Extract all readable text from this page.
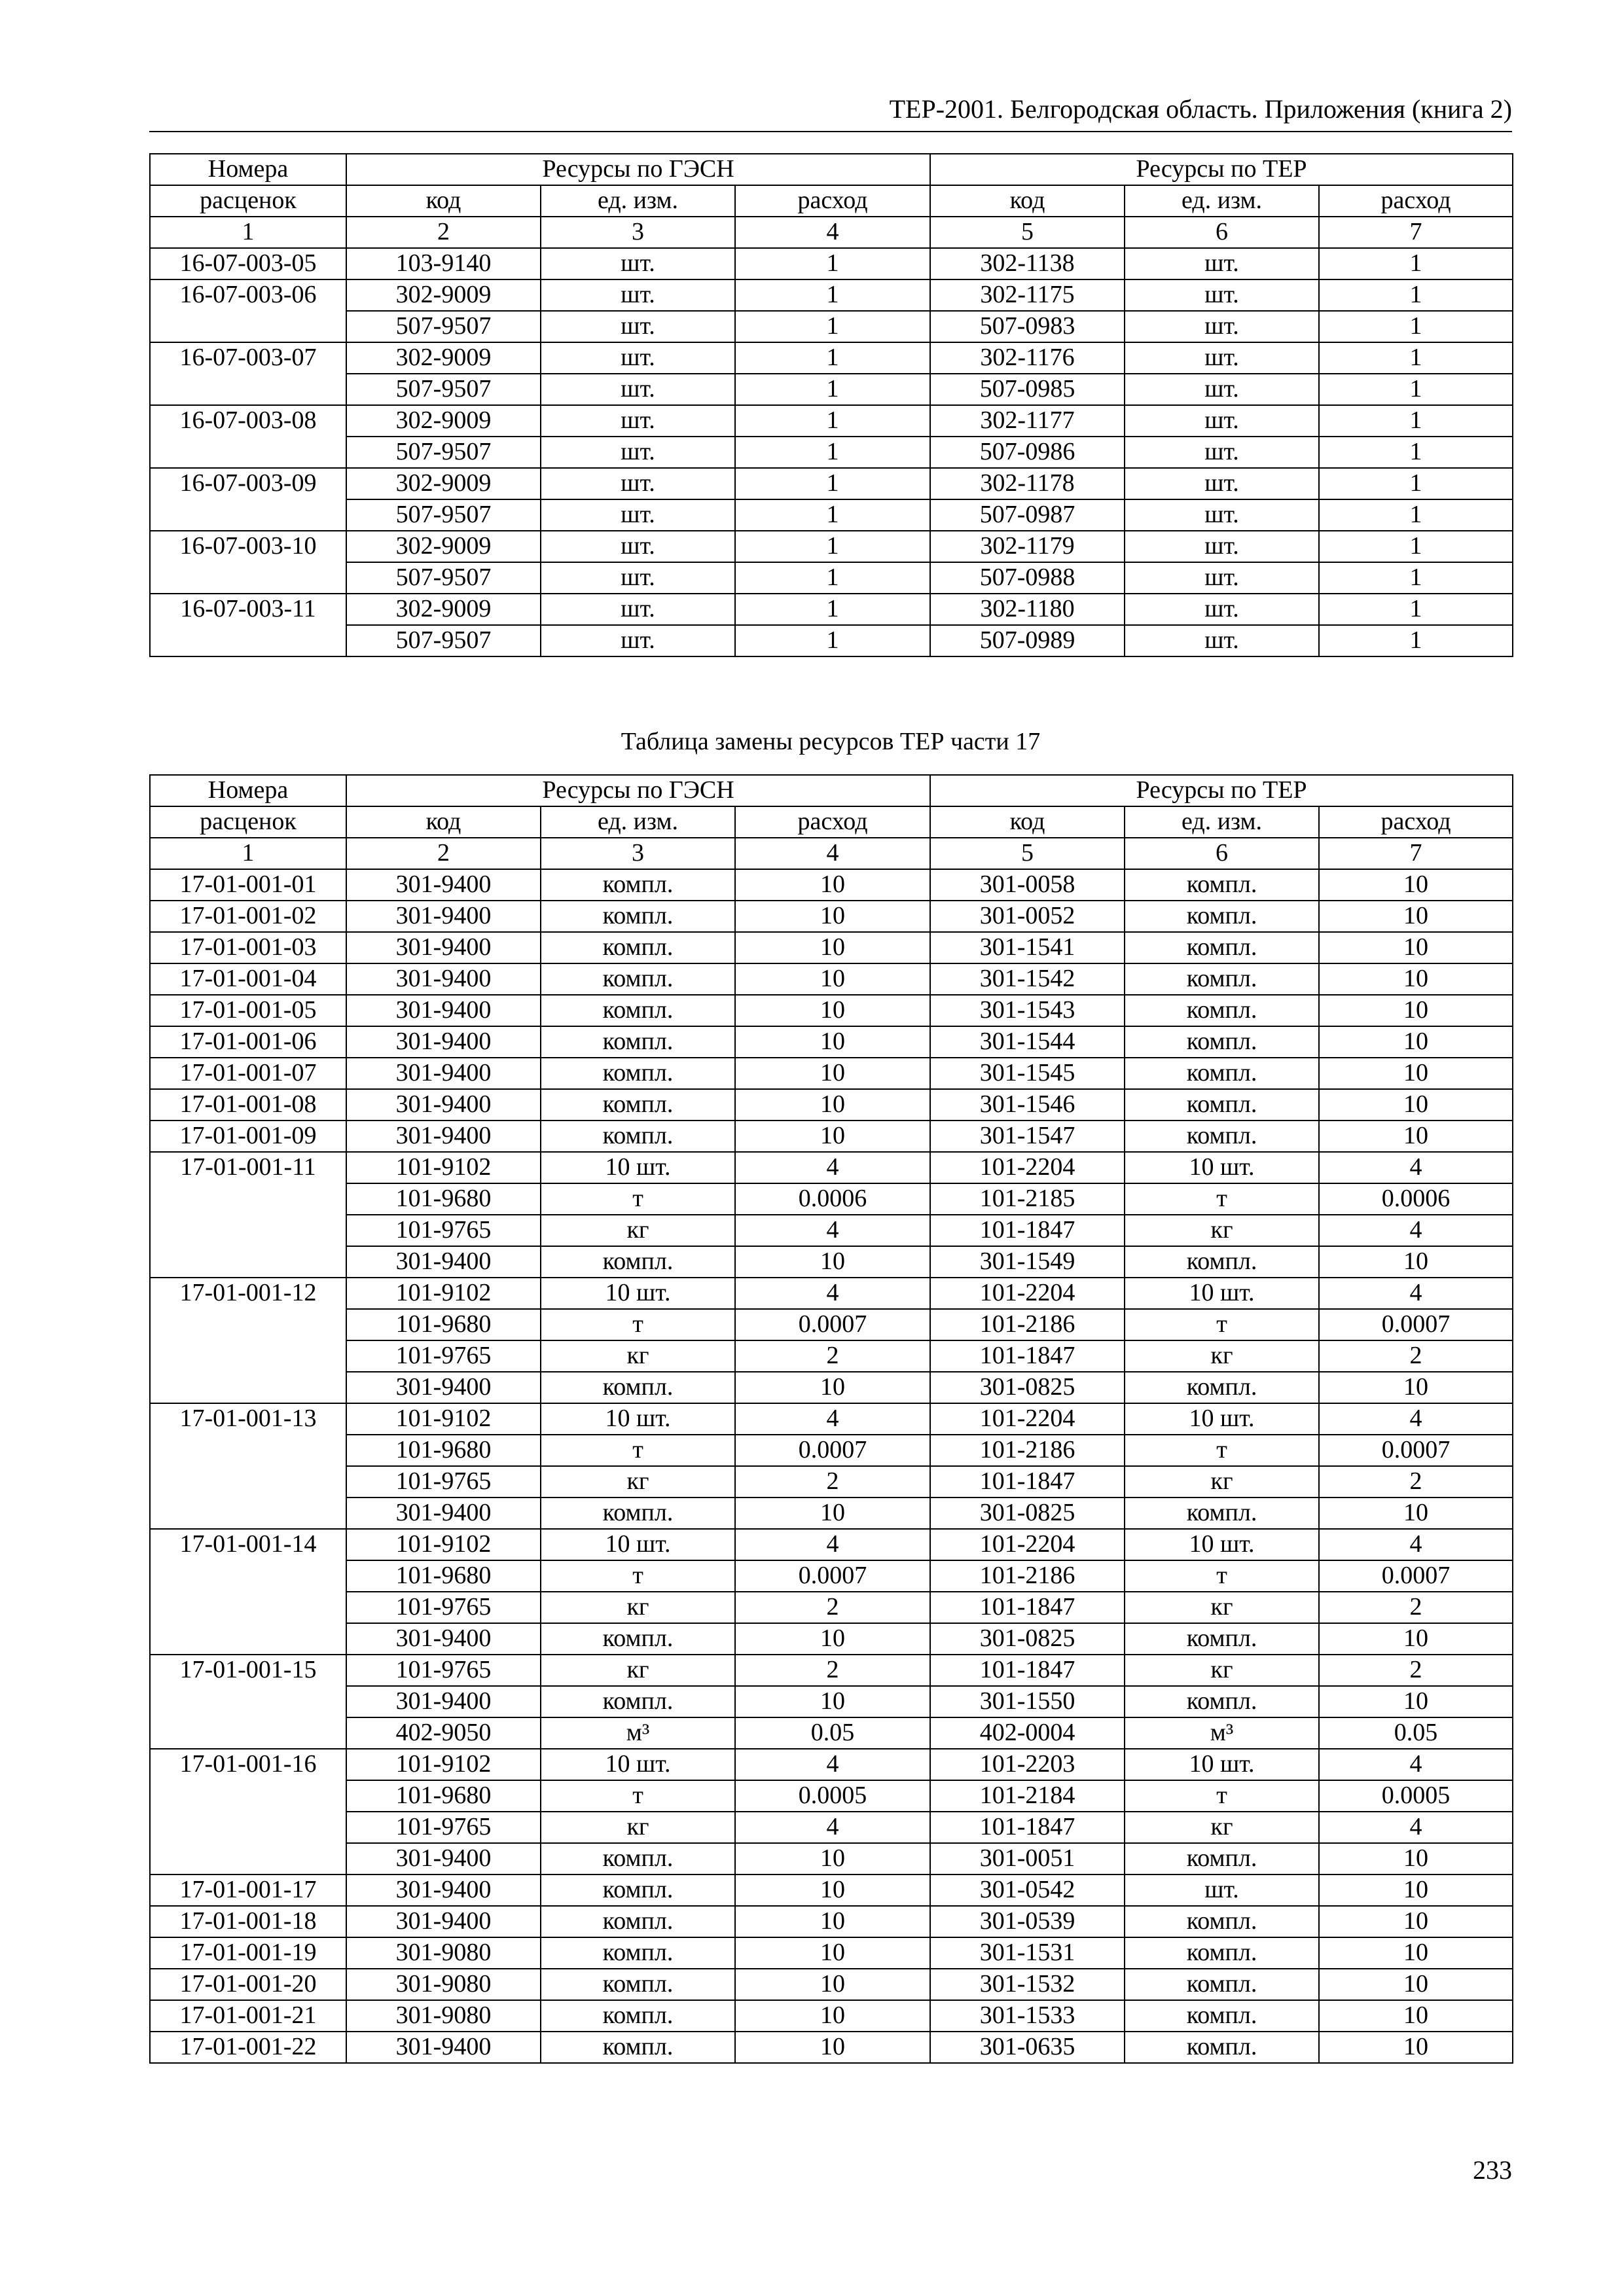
ТЕР-2001. Белгородская область. Приложения (книга 2)
Номера	Ресурсы по ГЭСН			Ресурсы по ТЕР		
расценок	код	ед. изм.	расход	код	ед. изм.	расход
1	2	3	4	5	6	7
16-07-003-05	103-9140	шт.	1	302-1138	шт.	1
16-07-003-06	302-9009	шт.	1	302-1175	шт.	1
	507-9507	шт.	1	507-0983	шт.	1
16-07-003-07	302-9009	шт.	1	302-1176	шт.	1
	507-9507	шт.	1	507-0985	шт.	1
16-07-003-08	302-9009	шт.	1	302-1177	шт.	1
	507-9507	шт.	1	507-0986	шт.	1
16-07-003-09	302-9009	шт.	1	302-1178	шт.	1
	507-9507	шт.	1	507-0987	шт.	1
16-07-003-10	302-9009	шт.	1	302-1179	шт.	1
	507-9507	шт.	1	507-0988	шт.	1
16-07-003-11	302-9009	шт.	1	302-1180	шт.	1
	507-9507	шт.	1	507-0989	шт.	1
Таблица замены ресурсов ТЕР части 17
Номера	Ресурсы по ГЭСН			Ресурсы по ТЕР		
расценок	код	ед. изм.	расход	код	ед. изм.	расход
1	2	3	4	5	6	7
17-01-001-01	301-9400	компл.	10	301-0058	компл.	10
17-01-001-02	301-9400	компл.	10	301-0052	компл.	10
17-01-001-03	301-9400	компл.	10	301-1541	компл.	10
17-01-001-04	301-9400	компл.	10	301-1542	компл.	10
17-01-001-05	301-9400	компл.	10	301-1543	компл.	10
17-01-001-06	301-9400	компл.	10	301-1544	компл.	10
17-01-001-07	301-9400	компл.	10	301-1545	компл.	10
17-01-001-08	301-9400	компл.	10	301-1546	компл.	10
17-01-001-09	301-9400	компл.	10	301-1547	компл.	10
17-01-001-11	101-9102	10 шт.	4	101-2204	10 шт.	4
	101-9680	т	0.0006	101-2185	т	0.0006
	101-9765	кг	4	101-1847	кг	4
	301-9400	компл.	10	301-1549	компл.	10
17-01-001-12	101-9102	10 шт.	4	101-2204	10 шт.	4
	101-9680	т	0.0007	101-2186	т	0.0007
	101-9765	кг	2	101-1847	кг	2
	301-9400	компл.	10	301-0825	компл.	10
17-01-001-13	101-9102	10 шт.	4	101-2204	10 шт.	4
	101-9680	т	0.0007	101-2186	т	0.0007
	101-9765	кг	2	101-1847	кг	2
	301-9400	компл.	10	301-0825	компл.	10
17-01-001-14	101-9102	10 шт.	4	101-2204	10 шт.	4
	101-9680	т	0.0007	101-2186	т	0.0007
	101-9765	кг	2	101-1847	кг	2
	301-9400	компл.	10	301-0825	компл.	10
17-01-001-15	101-9765	кг	2	101-1847	кг	2
	301-9400	компл.	10	301-1550	компл.	10
	402-9050	м³	0.05	402-0004	м³	0.05
17-01-001-16	101-9102	10 шт.	4	101-2203	10 шт.	4
	101-9680	т	0.0005	101-2184	т	0.0005
	101-9765	кг	4	101-1847	кг	4
	301-9400	компл.	10	301-0051	компл.	10
17-01-001-17	301-9400	компл.	10	301-0542	шт.	10
17-01-001-18	301-9400	компл.	10	301-0539	компл.	10
17-01-001-19	301-9080	компл.	10	301-1531	компл.	10
17-01-001-20	301-9080	компл.	10	301-1532	компл.	10
17-01-001-21	301-9080	компл.	10	301-1533	компл.	10
17-01-001-22	301-9400	компл.	10	301-0635	компл.	10
233
